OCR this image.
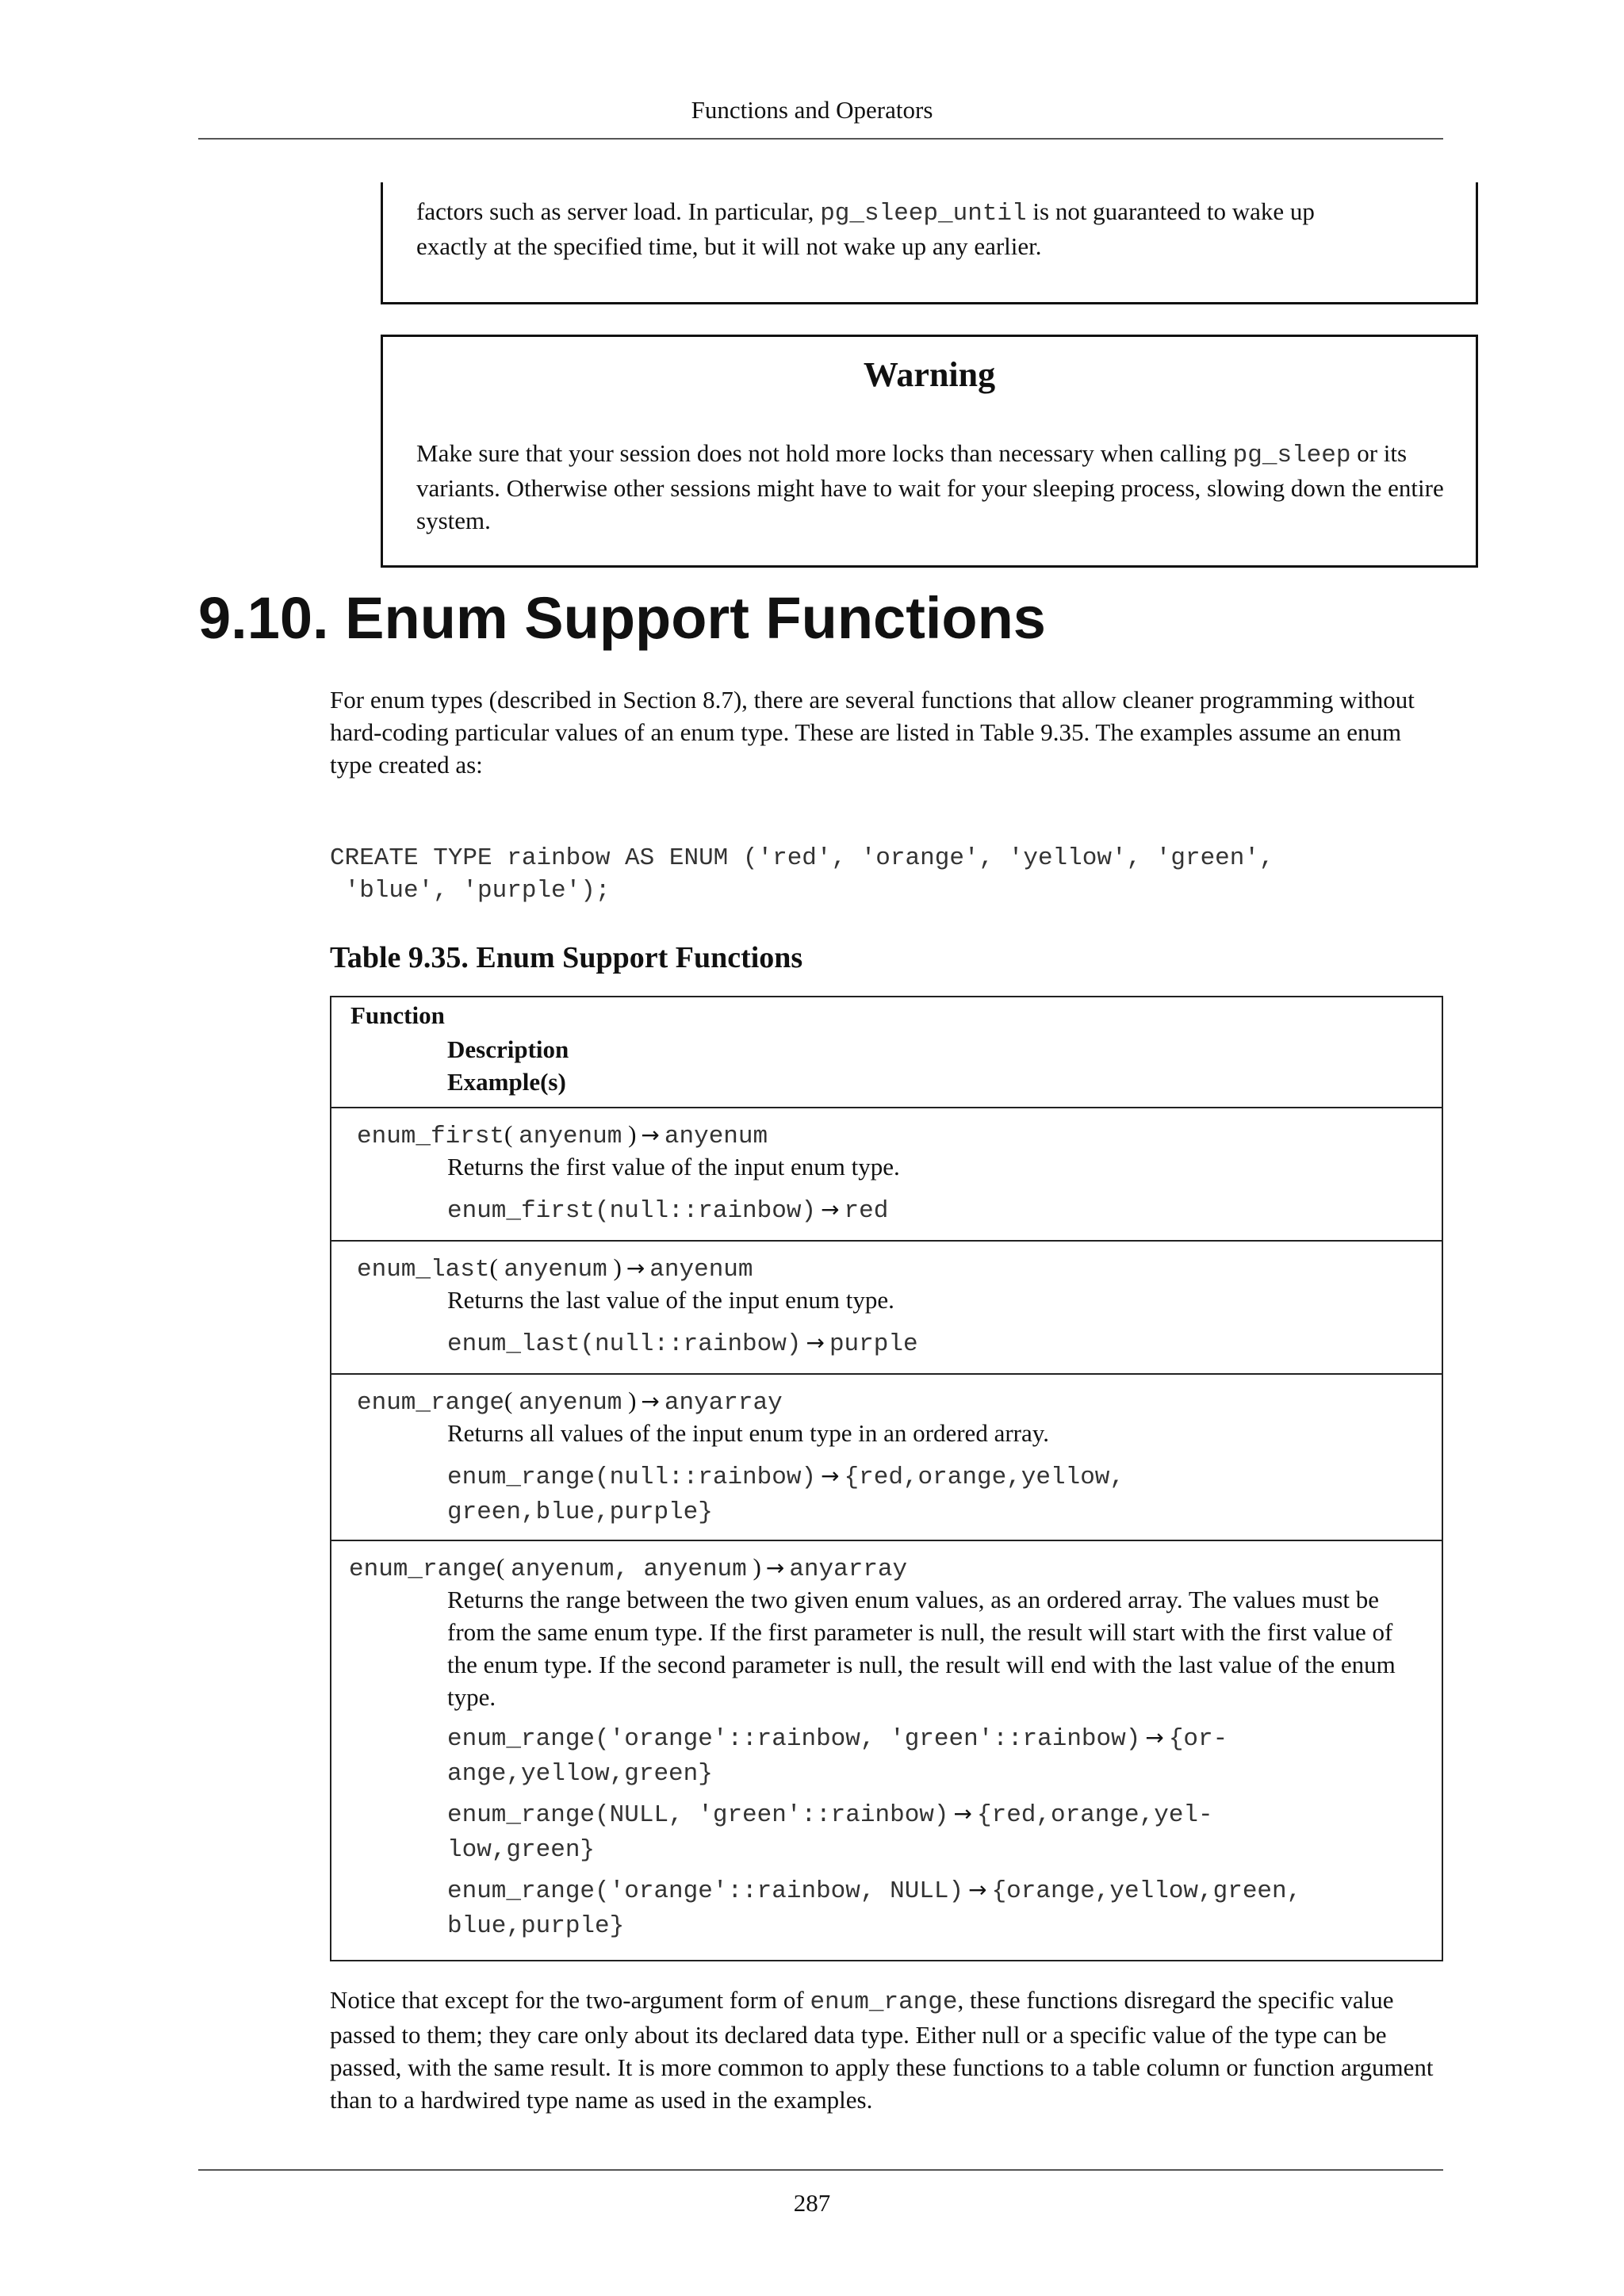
Functions and Operators
factors such as server load. In particular, pg_sleep_until is not guaranteed to wake up
exactly at the specified time, but it will not wake up any earlier.
Warning
Make sure that your session does not hold more locks than necessary when calling pg_sleep or its variants. Otherwise other sessions might have to wait for your sleeping process, slowing down the entire system.
9.10. Enum Support Functions
For enum types (described in Section 8.7), there are several functions that allow cleaner programming without hard-coding particular values of an enum type. These are listed in Table 9.35. The examples assume an enum type created as:
CREATE TYPE rainbow AS ENUM ('red', 'orange', 'yellow', 'green',
'blue', 'purple');
Table 9.35. Enum Support Functions
Function
Description
Example(s)
enum_first( anyenum ) → anyenum
Returns the first value of the input enum type.
enum_first(null::rainbow) → red
enum_last( anyenum ) → anyenum
Returns the last value of the input enum type.
enum_last(null::rainbow) → purple
enum_range( anyenum ) → anyarray
Returns all values of the input enum type in an ordered array.
enum_range(null::rainbow) → {red,orange,yellow,
green,blue,purple}
enum_range( anyenum, anyenum ) → anyarray
Returns the range between the two given enum values, as an ordered array. The values must be from the same enum type. If the first parameter is null, the result will start with the first value of the enum type. If the second parameter is null, the result will end with the last value of the enum type.
enum_range('orange'::rainbow, 'green'::rainbow) → {or-
ange,yellow,green}
enum_range(NULL, 'green'::rainbow) → {red,orange,yel-
low,green}
enum_range('orange'::rainbow, NULL) → {orange,yellow,green,
blue,purple}
Notice that except for the two-argument form of enum_range, these functions disregard the specific value passed to them; they care only about its declared data type. Either null or a specific value of the type can be passed, with the same result. It is more common to apply these functions to a table column or function argument than to a hardwired type name as used in the examples.
287
